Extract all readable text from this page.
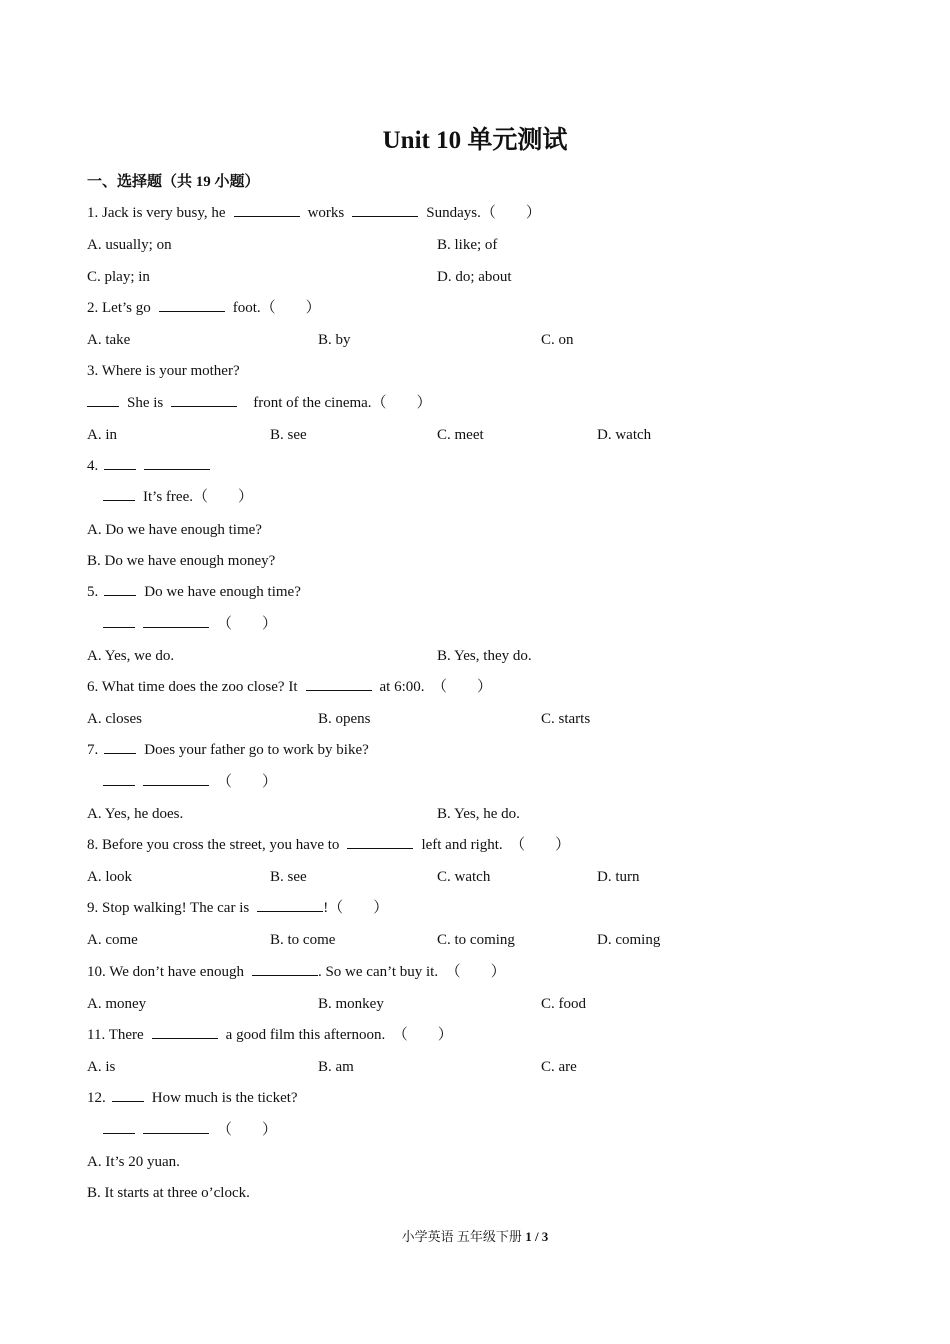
Unit 10 单元测试
一、选择题（共 19 小题）
1. Jack is very busy, he	works	Sundays.（　　）
A. usually; on	B. like; of
C. play; in	D. do; about
2. Let’s go	foot.（　　）
A. take	B. by	C. on
3. Where is your mother?
She is	front of the cinema.（　　）
A. in	B. see	C. meet	D. watch
4.
It’s free.（　　）
A. Do we have enough time?
B. Do we have enough money?
5.	Do we have enough time?
（　　）
A. Yes, we do.	B. Yes, they do.
6. What time does the zoo close? It	at 6:00.　（　　）
A. closes	B. opens	C. starts
7.	Does your father go to work by bike?
（　　）
A. Yes, he does.	B. Yes, he do.
8. Before you cross the street, you have to	left and right.　（　　）
A. look	B. see	C. watch	D. turn
9. Stop walking! The car is	!（　　）
A. come	B. to come	C. to coming	D. coming
10. We don’t have enough	. So we can’t buy it.　（　　）
A. money	B. monkey	C. food
11. There	a good film this afternoon.　（　　）
A. is	B. am	C. are
12.	How much is the ticket?
（　　）
A. It’s 20 yuan.
B. It starts at three o’clock.
小学英语 五年级下册 1 / 3
